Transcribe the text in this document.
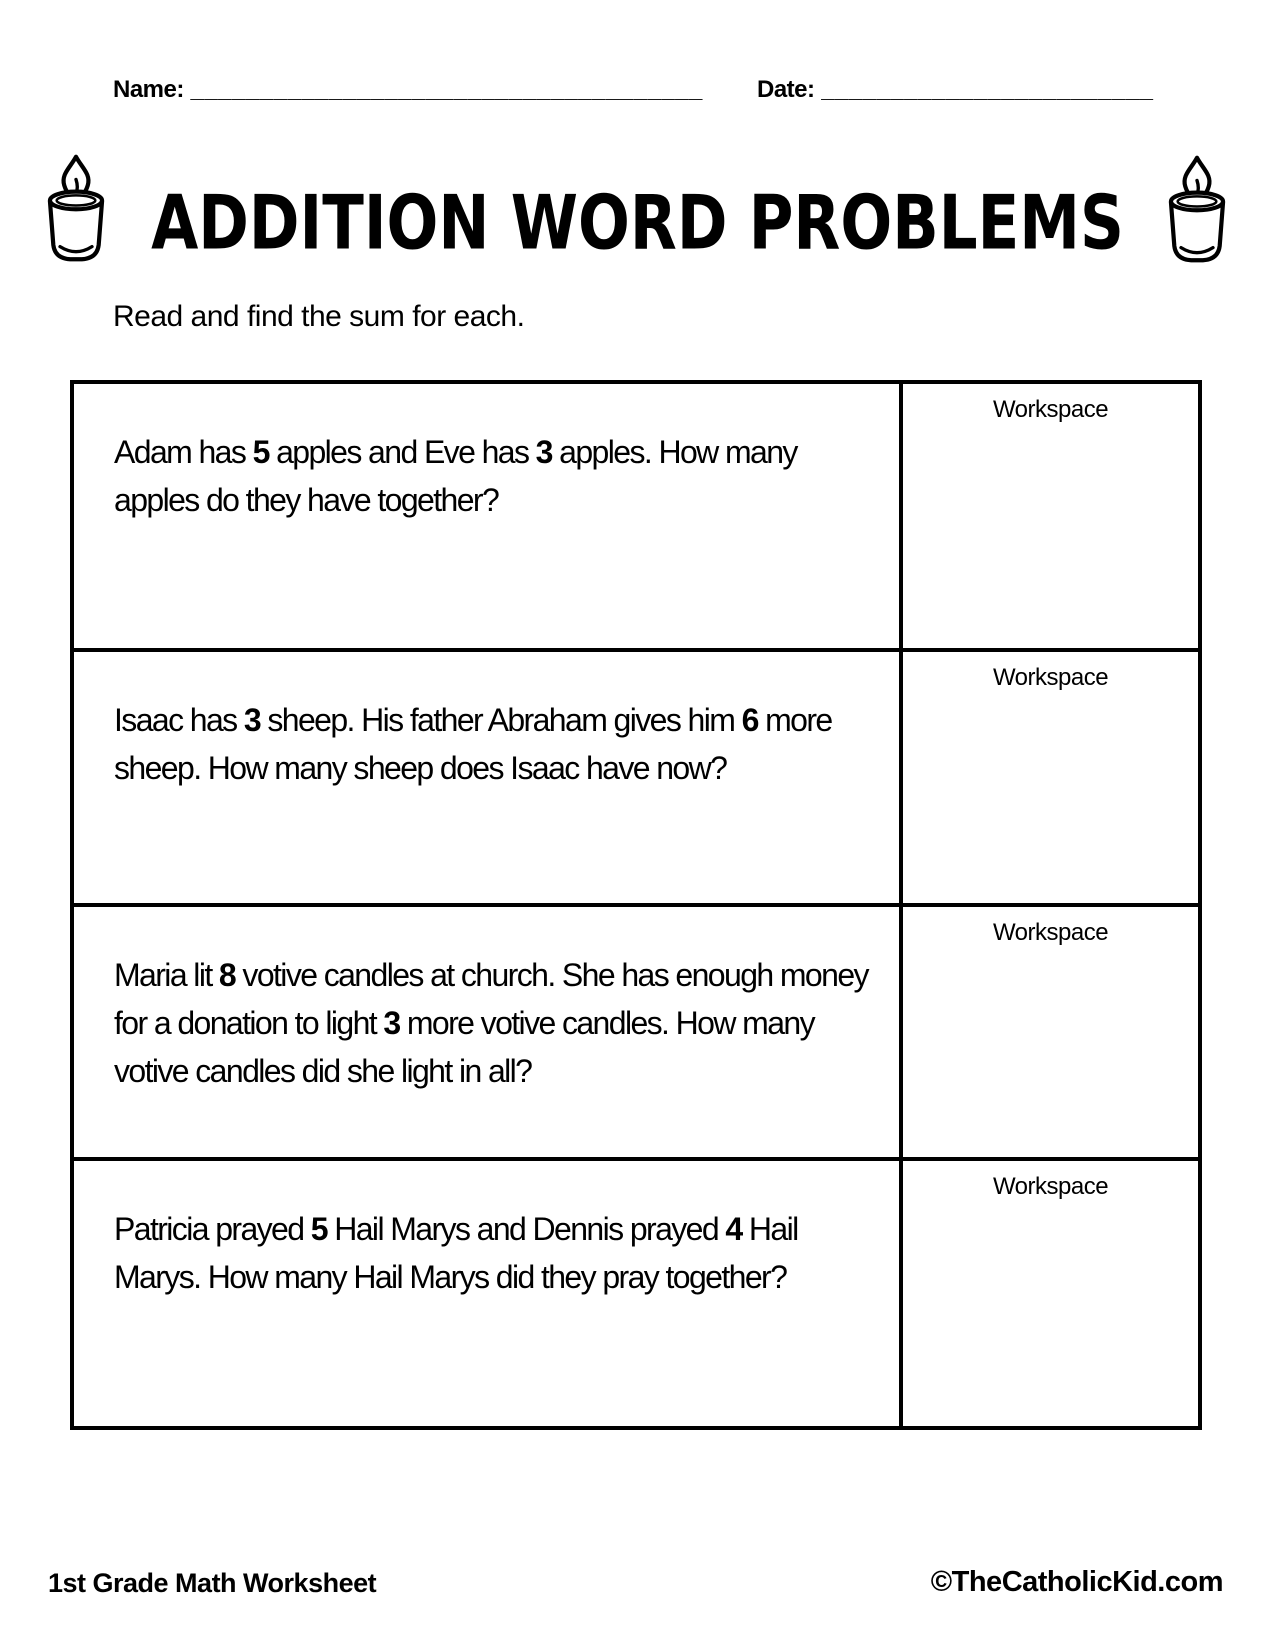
Name: _____________________________________ Date: ________________________
ADDITION WORD PROBLEMS
Read and find the sum for each.

Adam has 5 apples and Eve has 3 apples. How many apples do they have together?

Workspace

Isaac has 3 sheep. His father Abraham gives him 6 more sheep. How many sheep does Isaac have now?

Workspace

Maria lit 8 votive candles at church. She has enough money for a donation to light 3 more votive candles. How many votive candles did she light in all?

Workspace

Patricia prayed 5 Hail Marys and Dennis prayed 4 Hail Marys. How many Hail Marys did they pray together?

Workspace
1st Grade Math Worksheet	©TheCatholicKid.com
